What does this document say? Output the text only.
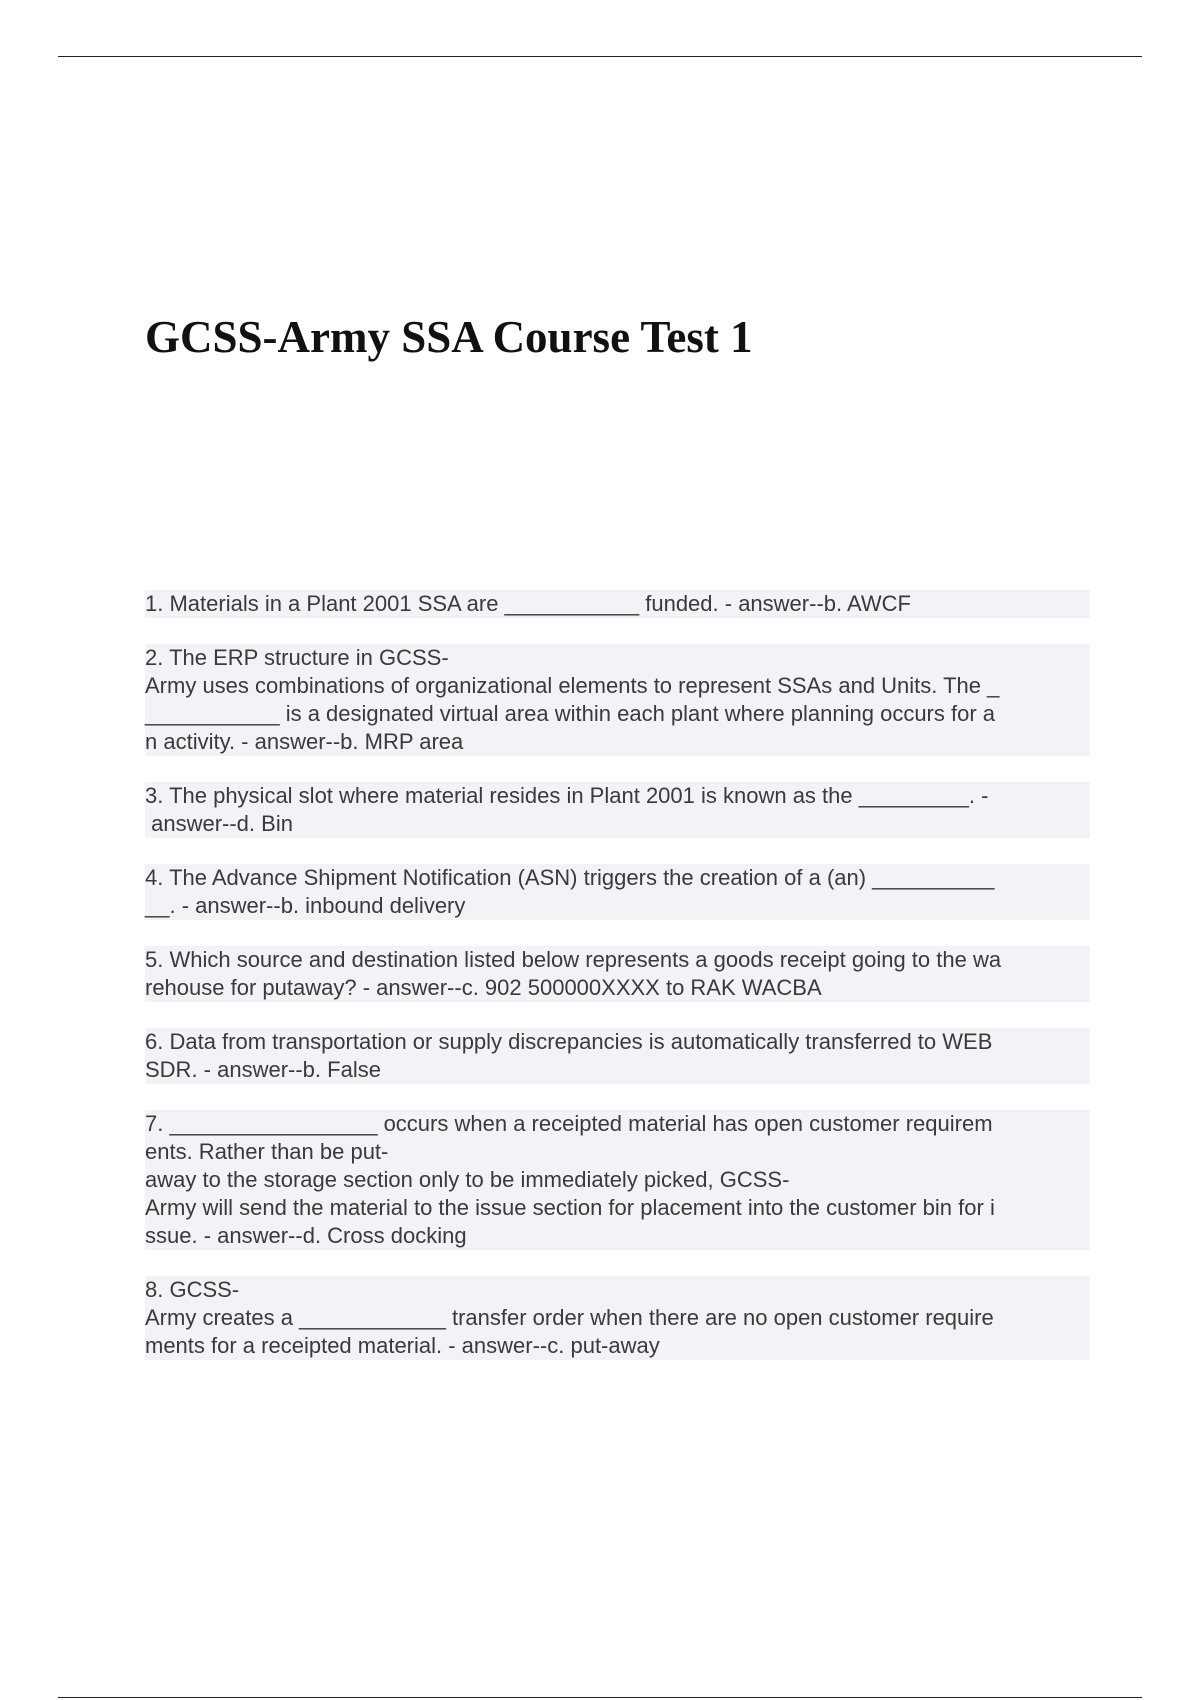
GCSS-Army SSA Course Test 1
1. Materials in a Plant 2001 SSA are ___________ funded. - answer--b. AWCF
2. The ERP structure in GCSS-
Army uses combinations of organizational elements to represent SSAs and Units. The _
___________ is a designated virtual area within each plant where planning occurs for a
n activity. - answer--b. MRP area
3. The physical slot where material resides in Plant 2001 is known as the _________. -
answer--d. Bin
4. The Advance Shipment Notification (ASN) triggers the creation of a (an) __________
__. - answer--b. inbound delivery
5. Which source and destination listed below represents a goods receipt going to the wa
rehouse for putaway? - answer--c. 902 500000XXXX to RAK WACBA
6. Data from transportation or supply discrepancies is automatically transferred to WEB
SDR. - answer--b. False
7. _________________ occurs when a receipted material has open customer requirem
ents. Rather than be put-
away to the storage section only to be immediately picked, GCSS-
Army will send the material to the issue section for placement into the customer bin for i
ssue. - answer--d. Cross docking
8. GCSS-
Army creates a ____________ transfer order when there are no open customer require
ments for a receipted material. - answer--c. put-away
